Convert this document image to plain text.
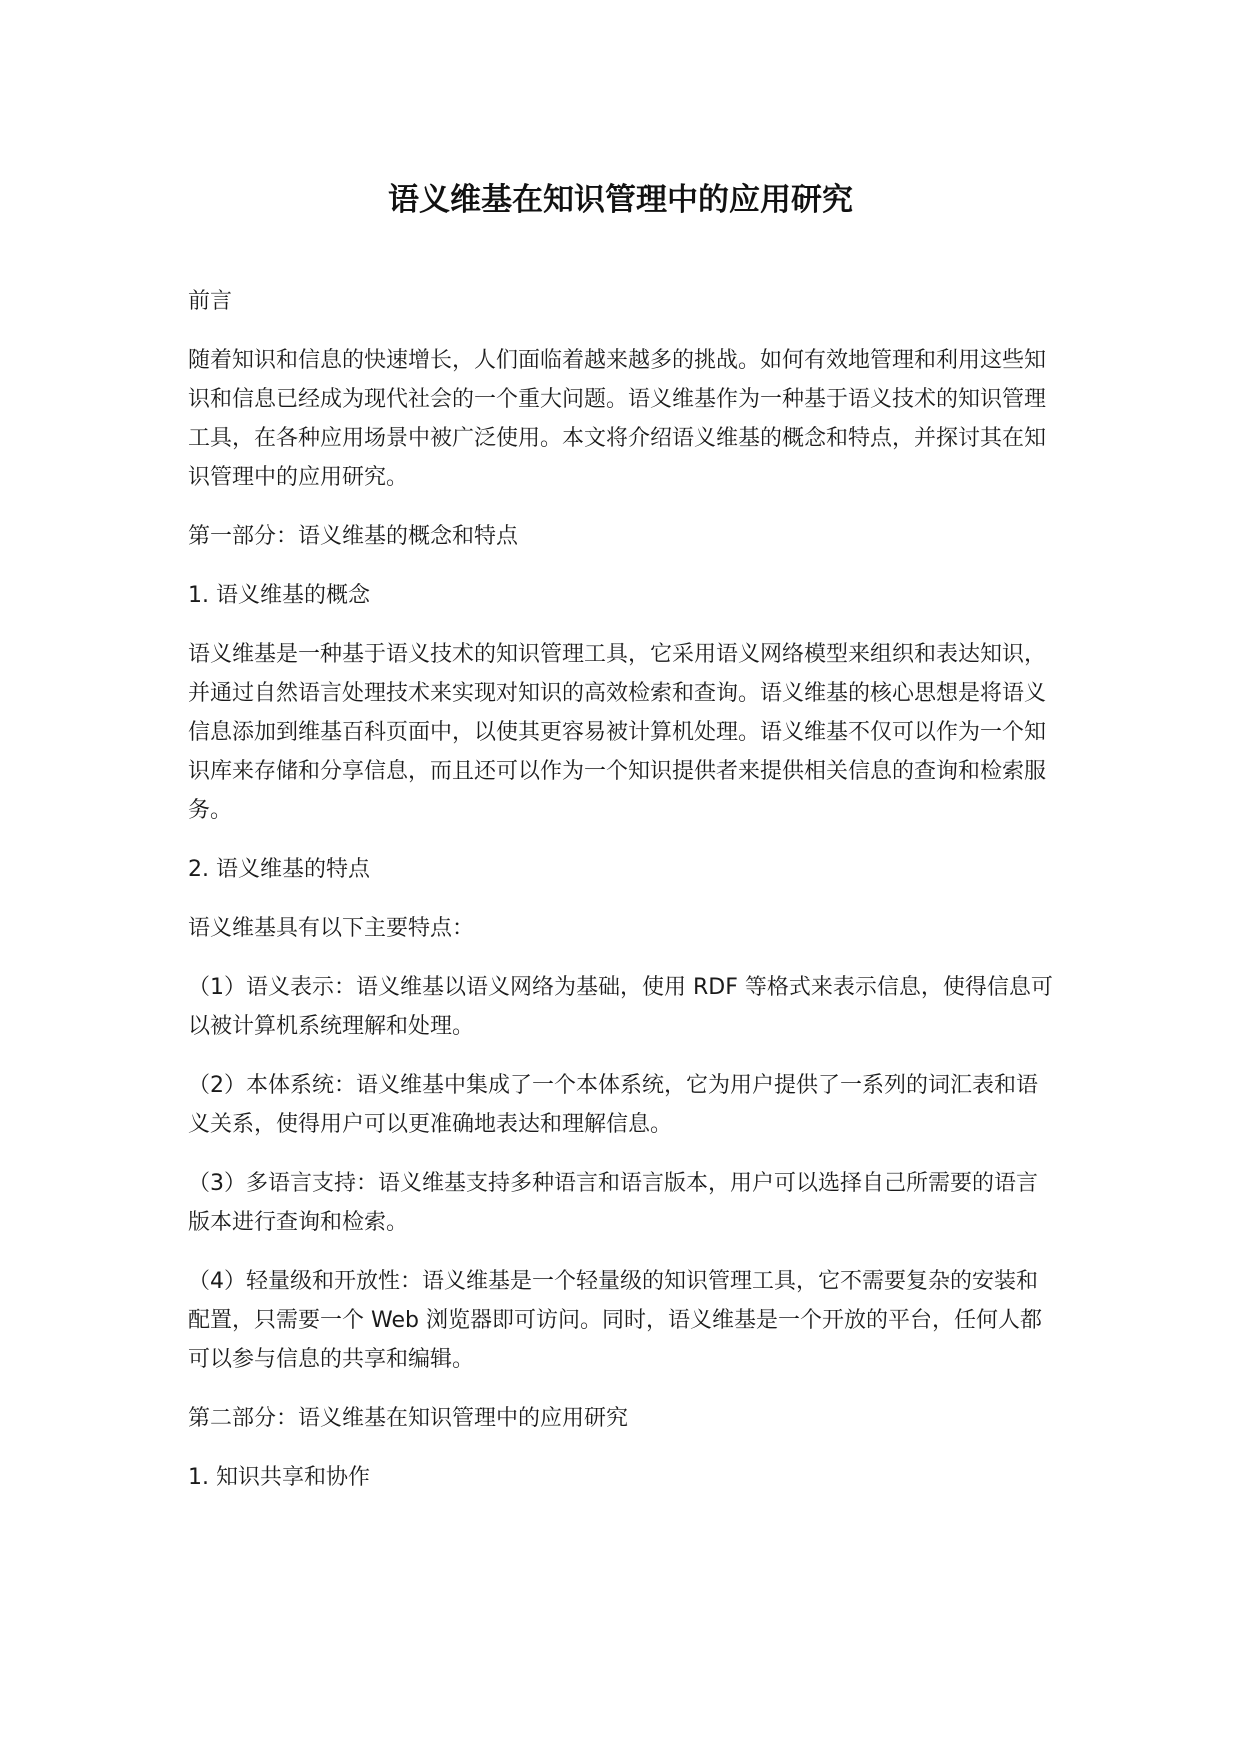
语义维基在知识管理中的应用研究

前言

随着知识和信息的快速增长，人们面临着越来越多的挑战。如何有效地管理和利用这些知识和信息已经成为现代社会的一个重大问题。语义维基作为一种基于语义技术的知识管理工具，在各种应用场景中被广泛使用。本文将介绍语义维基的概念和特点，并探讨其在知识管理中的应用研究。

第一部分：语义维基的概念和特点

1. 语义维基的概念

语义维基是一种基于语义技术的知识管理工具，它采用语义网络模型来组织和表达知识，并通过自然语言处理技术来实现对知识的高效检索和查询。语义维基的核心思想是将语义信息添加到维基百科页面中，以使其更容易被计算机处理。语义维基不仅可以作为一个知识库来存储和分享信息，而且还可以作为一个知识提供者来提供相关信息的查询和检索服务。

2. 语义维基的特点

语义维基具有以下主要特点：

（1）语义表示：语义维基以语义网络为基础，使用 RDF 等格式来表示信息，使得信息可以被计算机系统理解和处理。

（2）本体系统：语义维基中集成了一个本体系统，它为用户提供了一系列的词汇表和语义关系，使得用户可以更准确地表达和理解信息。

（3）多语言支持：语义维基支持多种语言和语言版本，用户可以选择自己所需要的语言版本进行查询和检索。

（4）轻量级和开放性：语义维基是一个轻量级的知识管理工具，它不需要复杂的安装和配置，只需要一个 Web 浏览器即可访问。同时，语义维基是一个开放的平台，任何人都可以参与信息的共享和编辑。

第二部分：语义维基在知识管理中的应用研究

1. 知识共享和协作
